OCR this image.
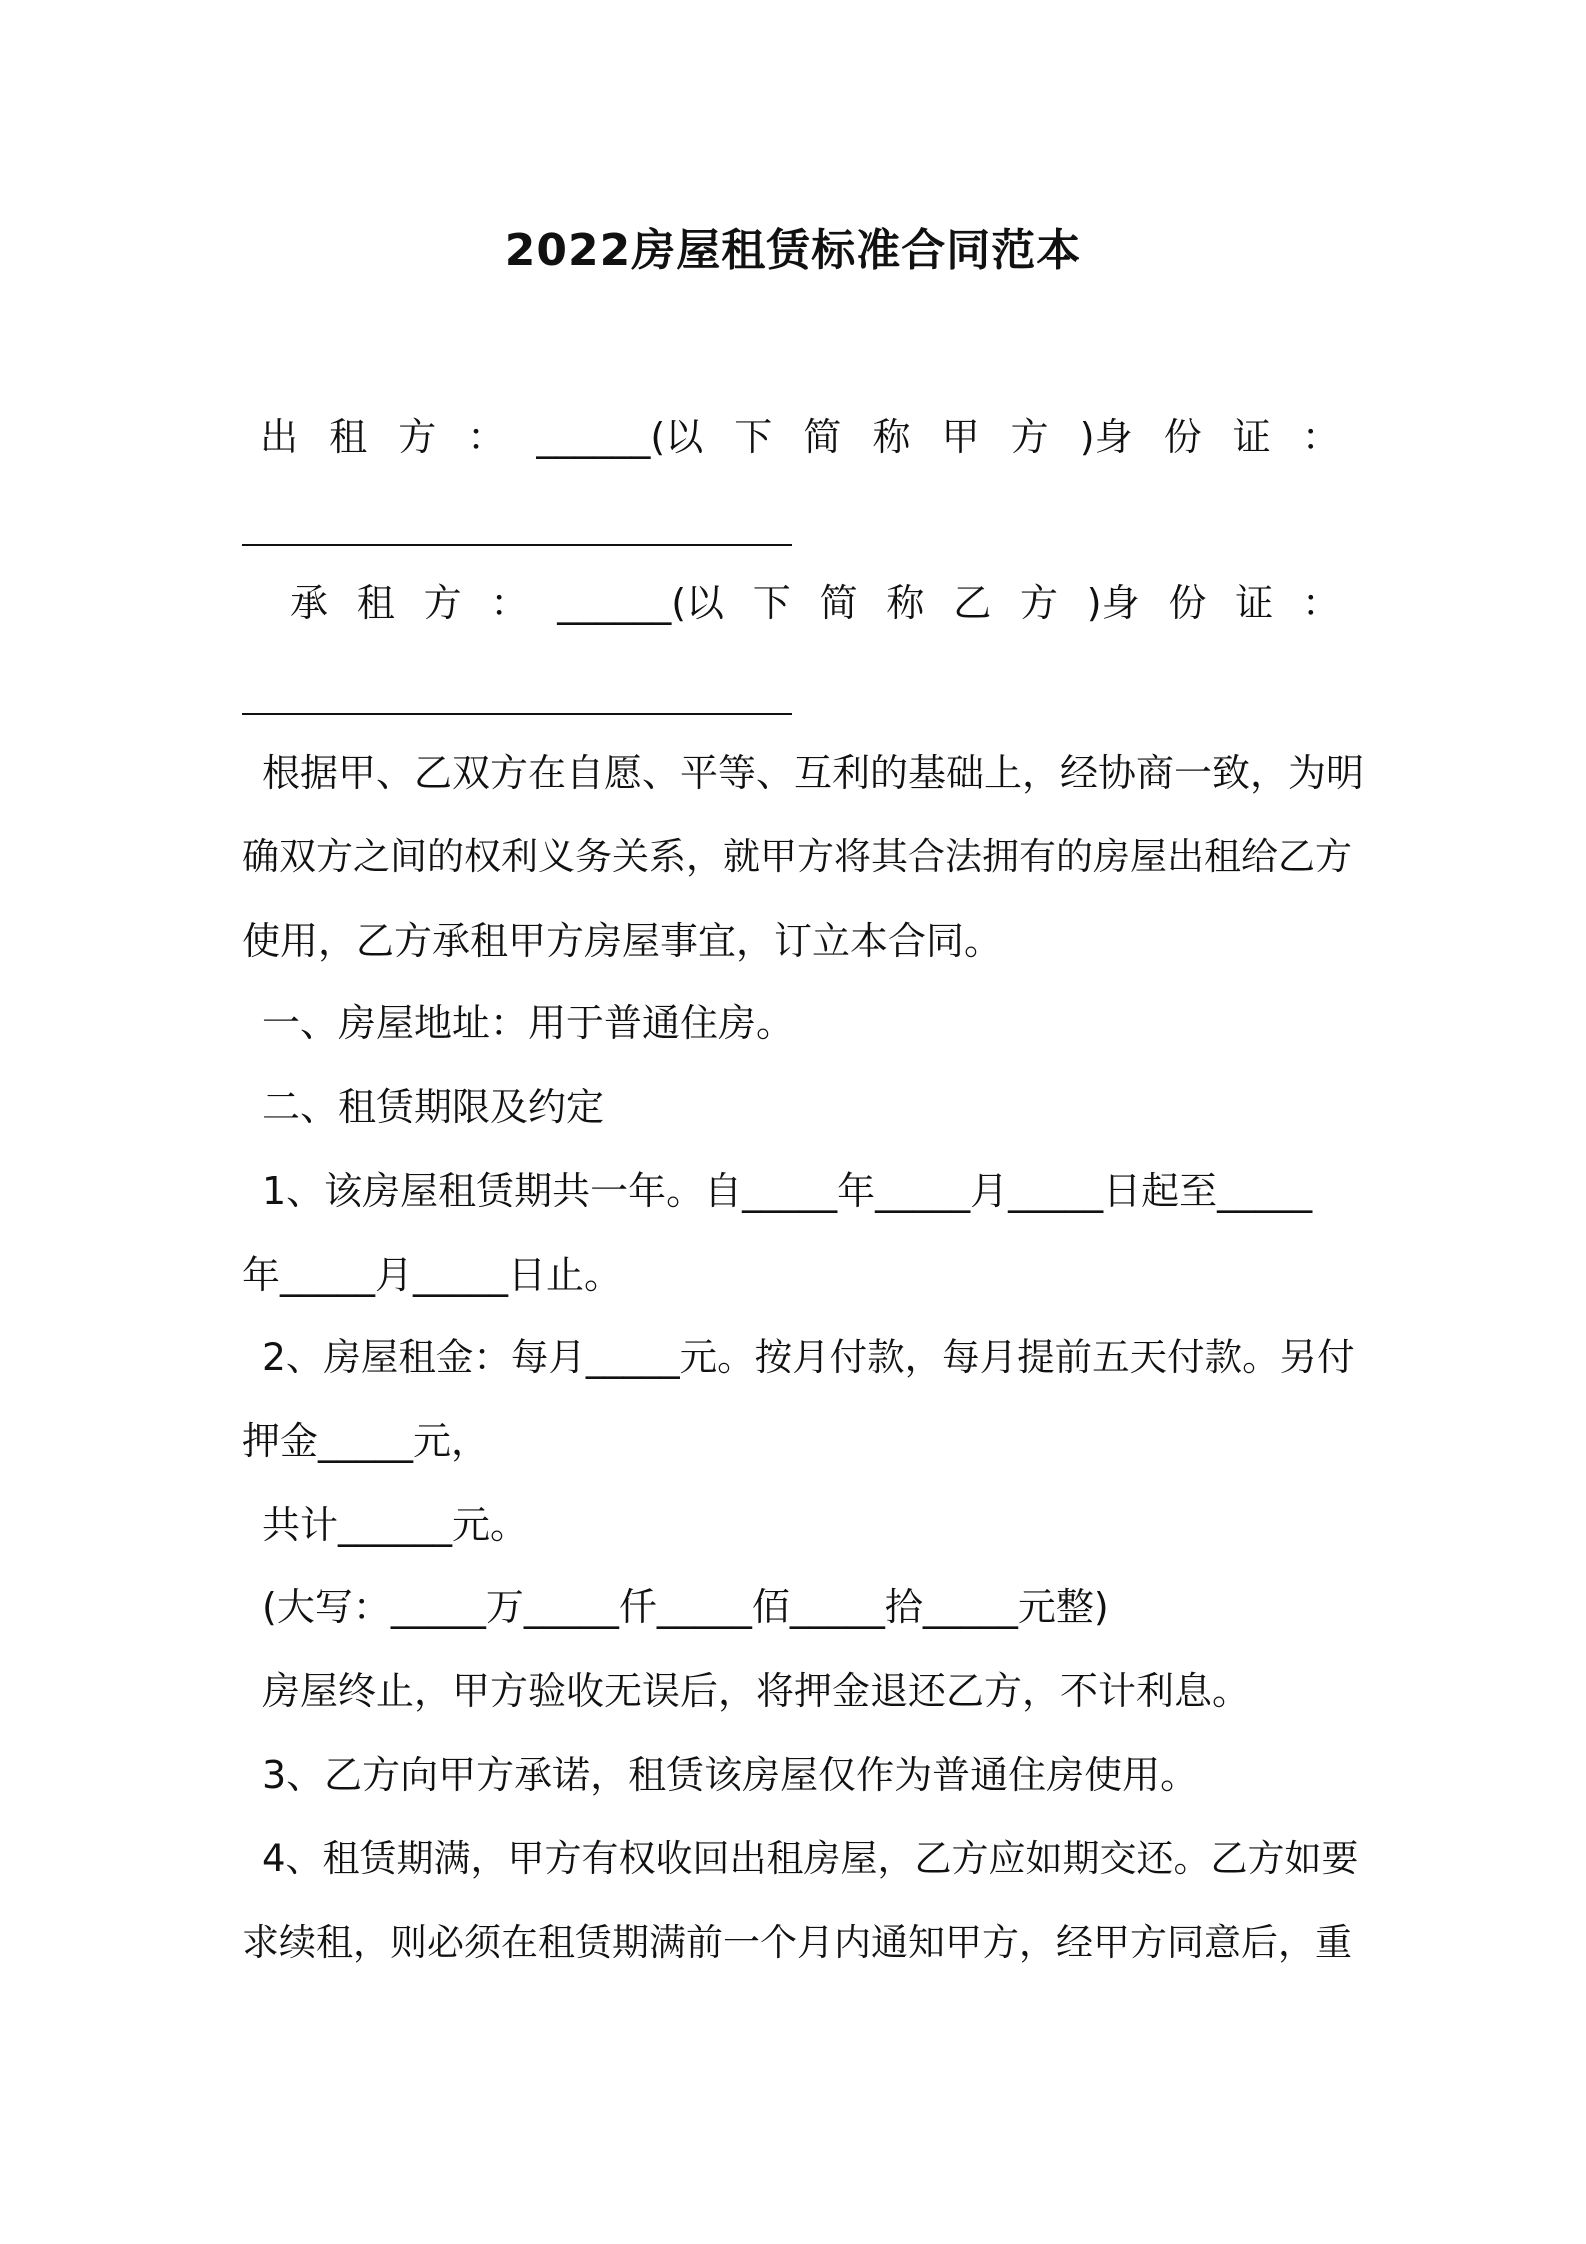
2022房屋租赁标准合同范本
出 租 方 ： ______(以 下 简 称 甲 方 )身 份 证 ：
承 租 方 ： ______(以 下 简 称 乙 方 )身 份 证 ：
根据甲、乙双方在自愿、平等、互利的基础上，经协商一致，为明
确双方之间的权利义务关系，就甲方将其合法拥有的房屋出租给乙方
使用，乙方承租甲方房屋事宜，订立本合同。
一、房屋地址：用于普通住房。
二、租赁期限及约定
1、该房屋租赁期共一年。自_____年_____月_____日起至_____
年_____月_____日止。
2、房屋租金：每月_____元。按月付款，每月提前五天付款。另付
押金_____元，
共计______元。
(大写：_____万_____仟_____佰_____拾_____元整)
房屋终止，甲方验收无误后，将押金退还乙方，不计利息。
3、乙方向甲方承诺，租赁该房屋仅作为普通住房使用。
4、租赁期满，甲方有权收回出租房屋，乙方应如期交还。乙方如要
求续租，则必须在租赁期满前一个月内通知甲方，经甲方同意后，重
